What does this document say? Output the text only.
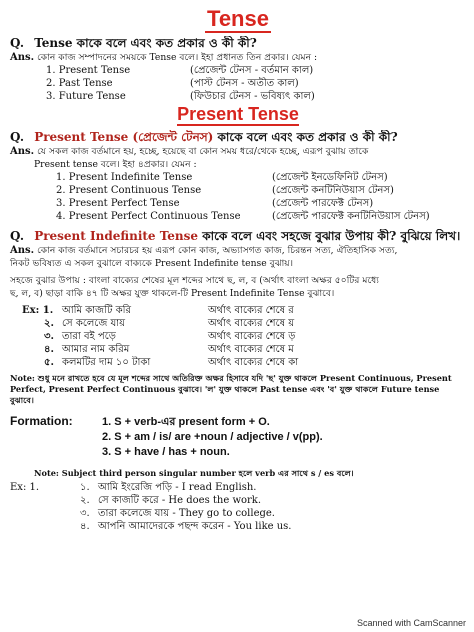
Tense
Q. Tense কাকে বলে এবং কত প্রকার ও কী কী?
Ans. কোন কাজ সম্পাদনের সময়কে Tense বলে। ইহা প্রধানত তিন প্রকার। যেমন :
1. Present Tense	(প্রেজেন্ট টেনস - বর্তমান কাল)
2. Past Tense	(পাস্ট টেনস - অতীত কাল)
3. Future Tense	(ফিউচার টেনস - ভবিষ্যৎ কাল)
Present Tense
Q. Present Tense (প্রেজেন্ট টেনস) কাকে বলে এবং কত প্রকার ও কী কী?
Ans. যে সকল কাজ বর্তমানে হয়, হচ্ছে, হয়েছে বা কোন সময় ধরে/থেকে হচ্ছে, এরূপ বুঝায় তাকে
Present tense বলে। ইহা ৪প্রকার। যেমন :
1. Present Indefinite Tense	(প্রেজেন্ট ইনডেফিনিট টেনস)
2. Present Continuous Tense	(প্রেজেন্ট কনটিনিউয়াস টেনস)
3. Present Perfect Tense	(প্রেজেন্ট পারফেক্ট টেনস)
4. Present Perfect Continuous Tense	(প্রেজেন্ট পারফেক্ট কনটিনিউয়াস টেনস)
Q. Present Indefinite Tense কাকে বলে এবং সহজে বুঝার উপায় কী? বুঝিয়ে লিখ।
Ans. কোন কাজ বর্তমানে সচারচর হয় এরূপ কোন কাজ, অভ্যাসগত কাজ, চিরন্তন সত্য, ঐতিহাসিক সত্য,
নিকট ভবিষ্যত এ সকল বুঝালে বাক্যকে Present Indefinite tense বুঝায়।
সহজে বুঝার উপায় : বাংলা বাক্যের শেষের মূল শব্দের সাথে ছ, ল, ব (অর্থাৎ বাংলা অক্ষর ৫০টির মধ্যে
ছ, ল, ব) ছাড়া বাকি ৪৭ টি অক্ষর যুক্ত থাকলে-টি Present Indefinite Tense বুঝাবে।
Ex: 1. আমি কাজটি করি	অর্থাৎ বাক্যের শেষে র
২. সে কলেজে যায়	অর্থাৎ বাক্যের শেষে য়
৩. তারা বই পড়ে	অর্থাৎ বাক্যের শেষে ড়
৪. আমার নাম করিম	অর্থাৎ বাক্যের শেষে ম
৫. কলমটির দাম ১০ টাকা	অর্থাৎ বাক্যের শেষে কা
Note: শুধু মনে রাখতে হবে যে মূল শব্দের সাথে অতিরিক্ত অক্ষর হিসাবে যদি 'ছ' যুক্ত থাকলে Present Continuous, Present
Perfect, Present Perfect Continuous বুঝাবে। 'ল' যুক্ত থাকলে Past tense এবং 'ব' যুক্ত থাকলে Future tense বুঝাবে।
Formation:	1. S + verb-এর present form + O.
2. S + am / is/ are +noun / adjective / v(pp).
3. S + have / has + noun.
Note: Subject third person singular number হলে verb এর সাথে s / es বলে।
Ex: 1.	১. আমি ইংরেজি পড়ি - I read English.
২. সে কাজটি করে - He does the work.
৩. তারা কলেজে যায় - They go to college.
৪. আপনি আমাদেরকে পছন্দ করেন - You like us.
Scanned with CamScanner
